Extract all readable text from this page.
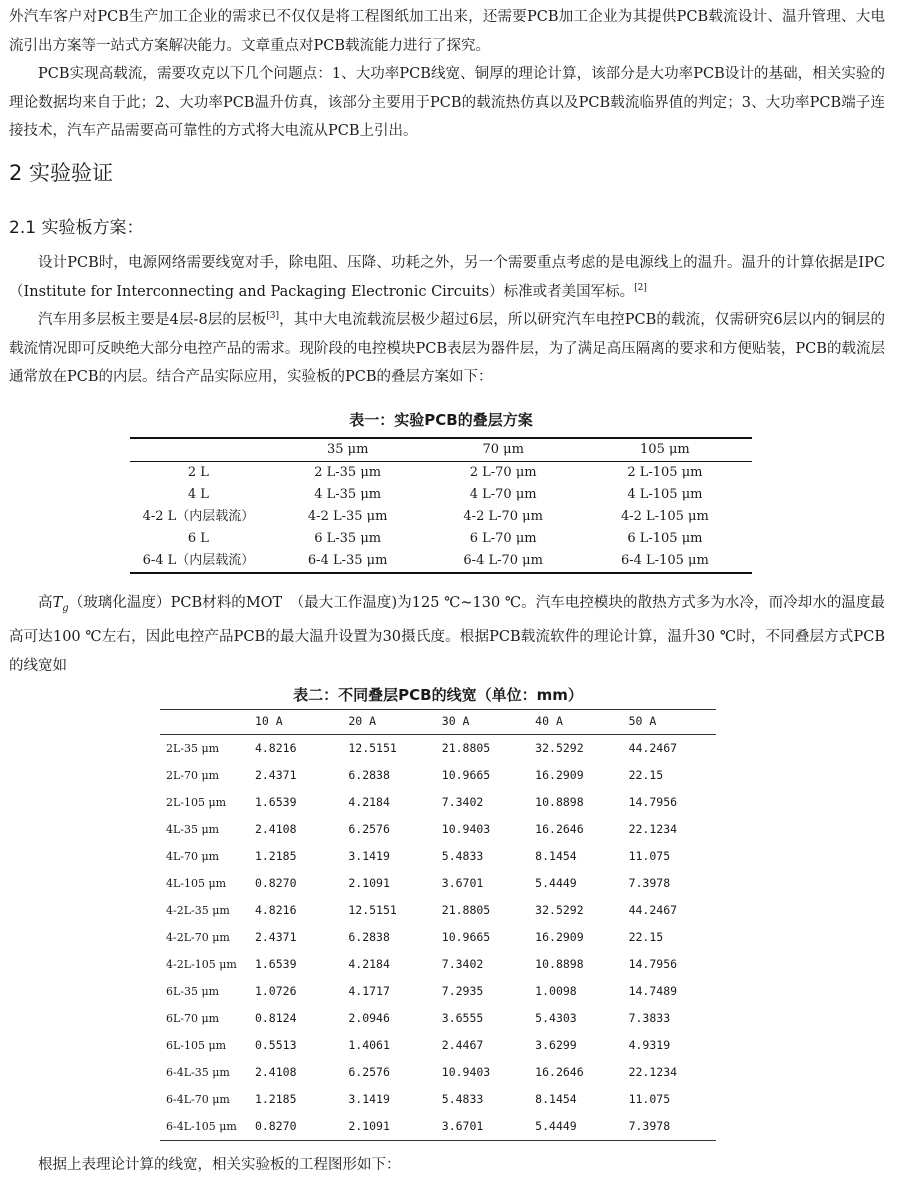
外汽车客户对PCB生产加工企业的需求已不仅仅是将工程图纸加工出来，还需要PCB加工企业为其提供PCB载流设计、温升管理、大电流引出方案等一站式方案解决能力。文章重点对PCB载流能力进行了探究。

PCB实现高载流，需要攻克以下几个问题点：1、大功率PCB线宽、铜厚的理论计算，该部分是大功率PCB设计的基础，相关实验的理论数据均来自于此；2、大功率PCB温升仿真，该部分主要用于PCB的载流热仿真以及PCB载流临界值的判定；3、大功率PCB端子连接技术，汽车产品需要高可靠性的方式将大电流从PCB上引出。

2 实验验证
2.1 实验板方案：

设计PCB时，电源网络需要线宽对手，除电阻、压降、功耗之外，另一个需要重点考虑的是电源线上的温升。温升的计算依据是IPC（Institute for Interconnecting and Packaging Electronic Circuits）标准或者美国军标。[2]

汽车用多层板主要是4层-8层的层板[3]，其中大电流载流层极少超过6层，所以研究汽车电控PCB的载流，仅需研究6层以内的铜层的载流情况即可反映绝大部分电控产品的需求。现阶段的电控模块PCB表层为器件层，为了满足高压隔离的要求和方便贴装，PCB的载流层通常放在PCB的内层。结合产品实际应用，实验板的PCB的叠层方案如下：

表一：实验PCB的叠层方案
	35 μm	70 μm	105 μm
2 L	2 L-35 μm	2 L-70 μm	2 L-105 μm
4 L	4 L-35 μm	4 L-70 μm	4 L-105 μm
4-2 L（内层载流）	4-2 L-35 μm	4-2 L-70 μm	4-2 L-105 μm
6 L	6 L-35 μm	6 L-70 μm	6 L-105 μm
6-4 L（内层载流）	6-4 L-35 μm	6-4 L-70 μm	6-4 L-105 μm

高$T_g$（玻璃化温度）PCB材料的MOT　（最大工作温度)为125 ℃~130 ℃。汽车电控模块的散热方式多为水冷，而冷却水的温度最高可达100 ℃左右，因此电控产品PCB的最大温升设置为30摄氏度。根据PCB载流软件的理论计算，温升30 ℃时，不同叠层方式PCB的线宽如

表二：不同叠层PCB的线宽（单位：mm）
	10 A	20 A	30 A	40 A	50 A
2L-35 μm	4.8216	12.5151	21.8805	32.5292	44.2467
2L-70 μm	2.4371	6.2838	10.9665	16.2909	22.15
2L-105 μm	1.6539	4.2184	7.3402	10.8898	14.7956
4L-35 μm	2.4108	6.2576	10.9403	16.2646	22.1234
4L-70 μm	1.2185	3.1419	5.4833	8.1454	11.075
4L-105 μm	0.8270	2.1091	3.6701	5.4449	7.3978
4-2L-35 μm	4.8216	12.5151	21.8805	32.5292	44.2467
4-2L-70 μm	2.4371	6.2838	10.9665	16.2909	22.15
4-2L-105 μm	1.6539	4.2184	7.3402	10.8898	14.7956
6L-35 μm	1.0726	4.1717	7.2935	1.0098	14.7489
6L-70 μm	0.8124	2.0946	3.6555	5.4303	7.3833
6L-105 μm	0.5513	1.4061	2.4467	3.6299	4.9319
6-4L-35 μm	2.4108	6.2576	10.9403	16.2646	22.1234
6-4L-70 μm	1.2185	3.1419	5.4833	8.1454	11.075
6-4L-105 μm	0.8270	2.1091	3.6701	5.4449	7.3978

根据上表理论计算的线宽，相关实验板的工程图形如下：
